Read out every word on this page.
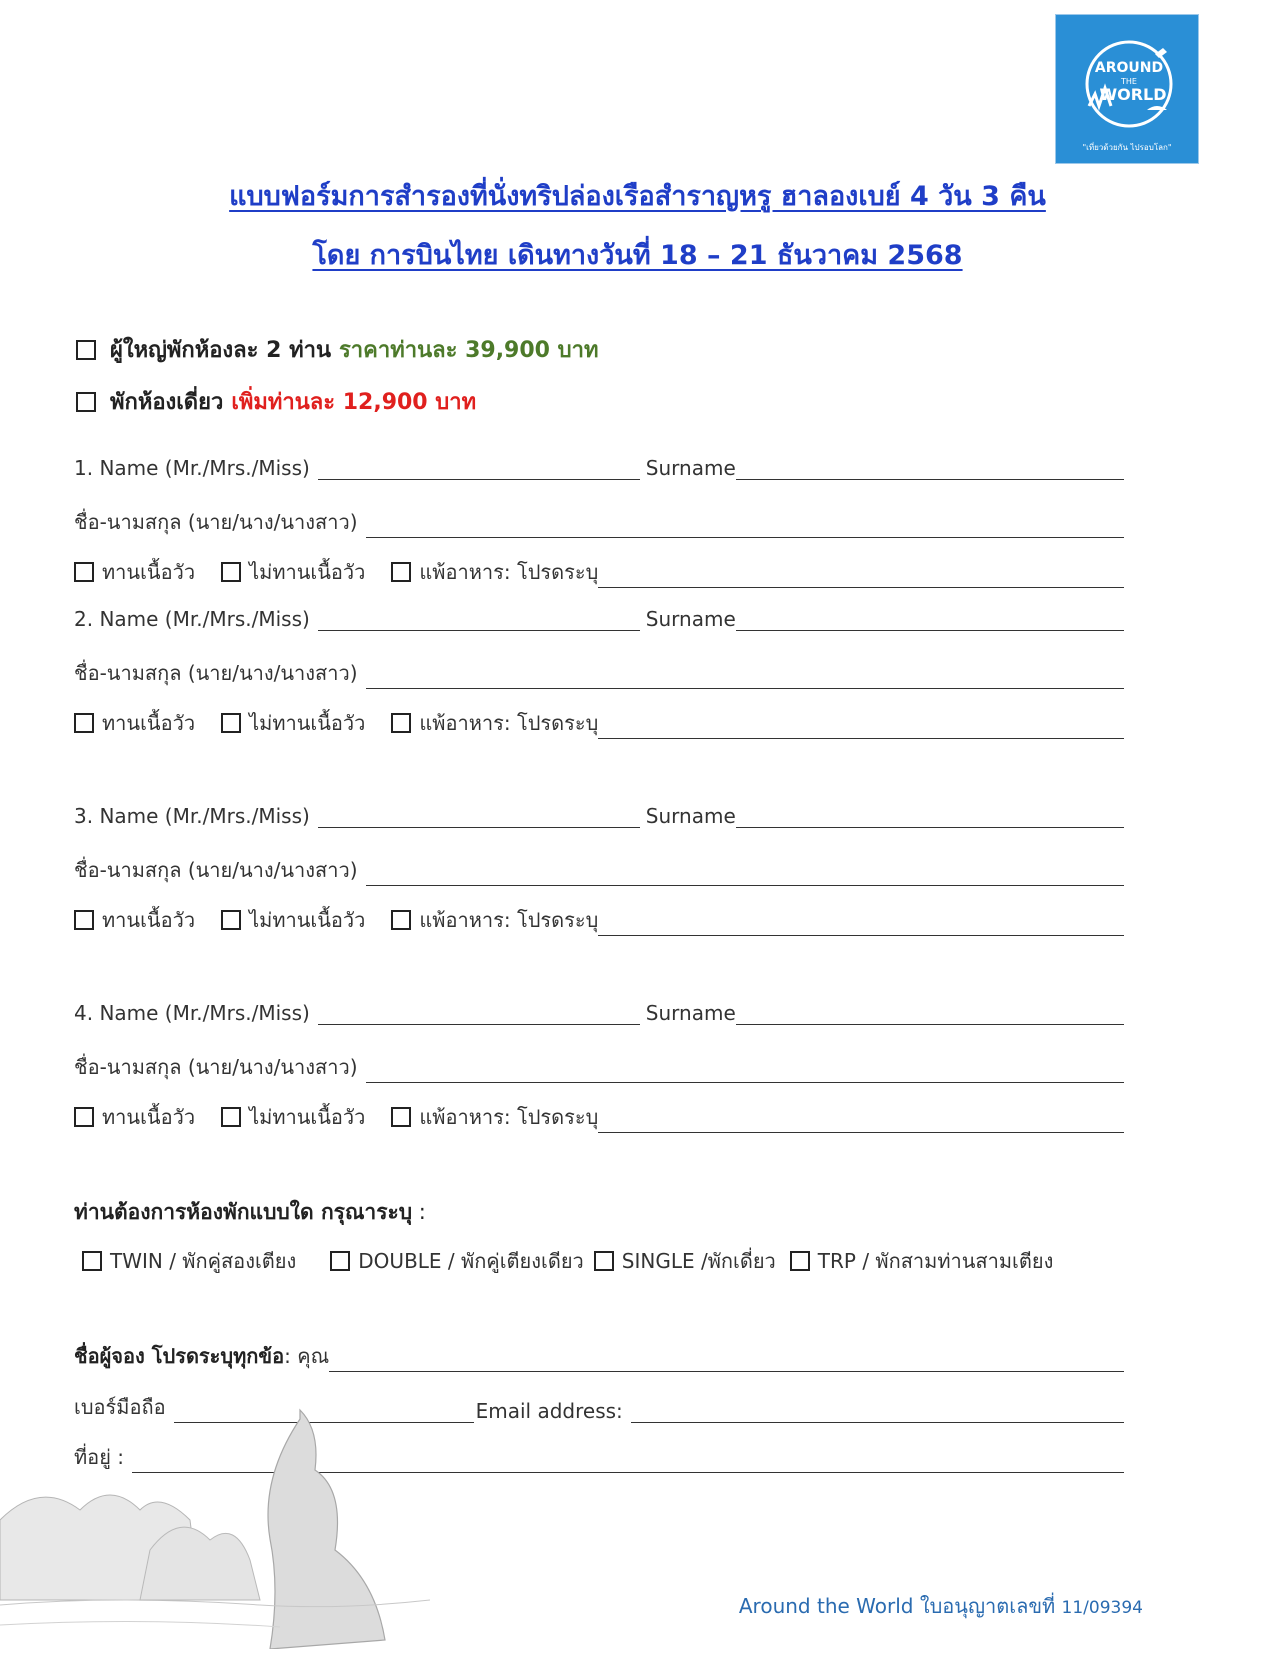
AROUND
THE
WORLD
"เที่ยวด้วยกัน ไปรอบโลก"
แบบฟอร์มการสำรองที่นั่งทริปล่องเรือสำราญหรู ฮาลองเบย์ 4 วัน 3 คืน
โดย การบินไทย เดินทางวันที่ 18 – 21 ธันวาคม 2568
ผู้ใหญ่พักห้องละ 2 ท่าน ราคาท่านละ 39,900 บาท
พักห้องเดี่ยว เพิ่มท่านละ 12,900 บาท
1. Name (Mr./Mrs./Miss)	Surname
ชื่อ-นามสกุล (นาย/นาง/นางสาว)
ทานเนื้อวัว	ไม่ทานเนื้อวัว	แพ้อาหาร: โปรดระบุ
2. Name (Mr./Mrs./Miss)	Surname
ชื่อ-นามสกุล (นาย/นาง/นางสาว)
ทานเนื้อวัว	ไม่ทานเนื้อวัว	แพ้อาหาร: โปรดระบุ
3. Name (Mr./Mrs./Miss)	Surname
ชื่อ-นามสกุล (นาย/นาง/นางสาว)
ทานเนื้อวัว	ไม่ทานเนื้อวัว	แพ้อาหาร: โปรดระบุ
4. Name (Mr./Mrs./Miss)	Surname
ชื่อ-นามสกุล (นาย/นาง/นางสาว)
ทานเนื้อวัว	ไม่ทานเนื้อวัว	แพ้อาหาร: โปรดระบุ
ท่านต้องการห้องพักแบบใด กรุณาระบุ :
TWIN / พักคู่สองเตียง	DOUBLE / พักคู่เตียงเดียว SINGLE /พักเดี่ยว TRP / พักสามท่านสามเตียง
ชื่อผู้จอง โปรดระบุทุกข้อ : คุณ
เบอร์มือถือ	Email address:
ที่อยู่ :
Around the World ใบอนุญาตเลขที่ 11/09394
